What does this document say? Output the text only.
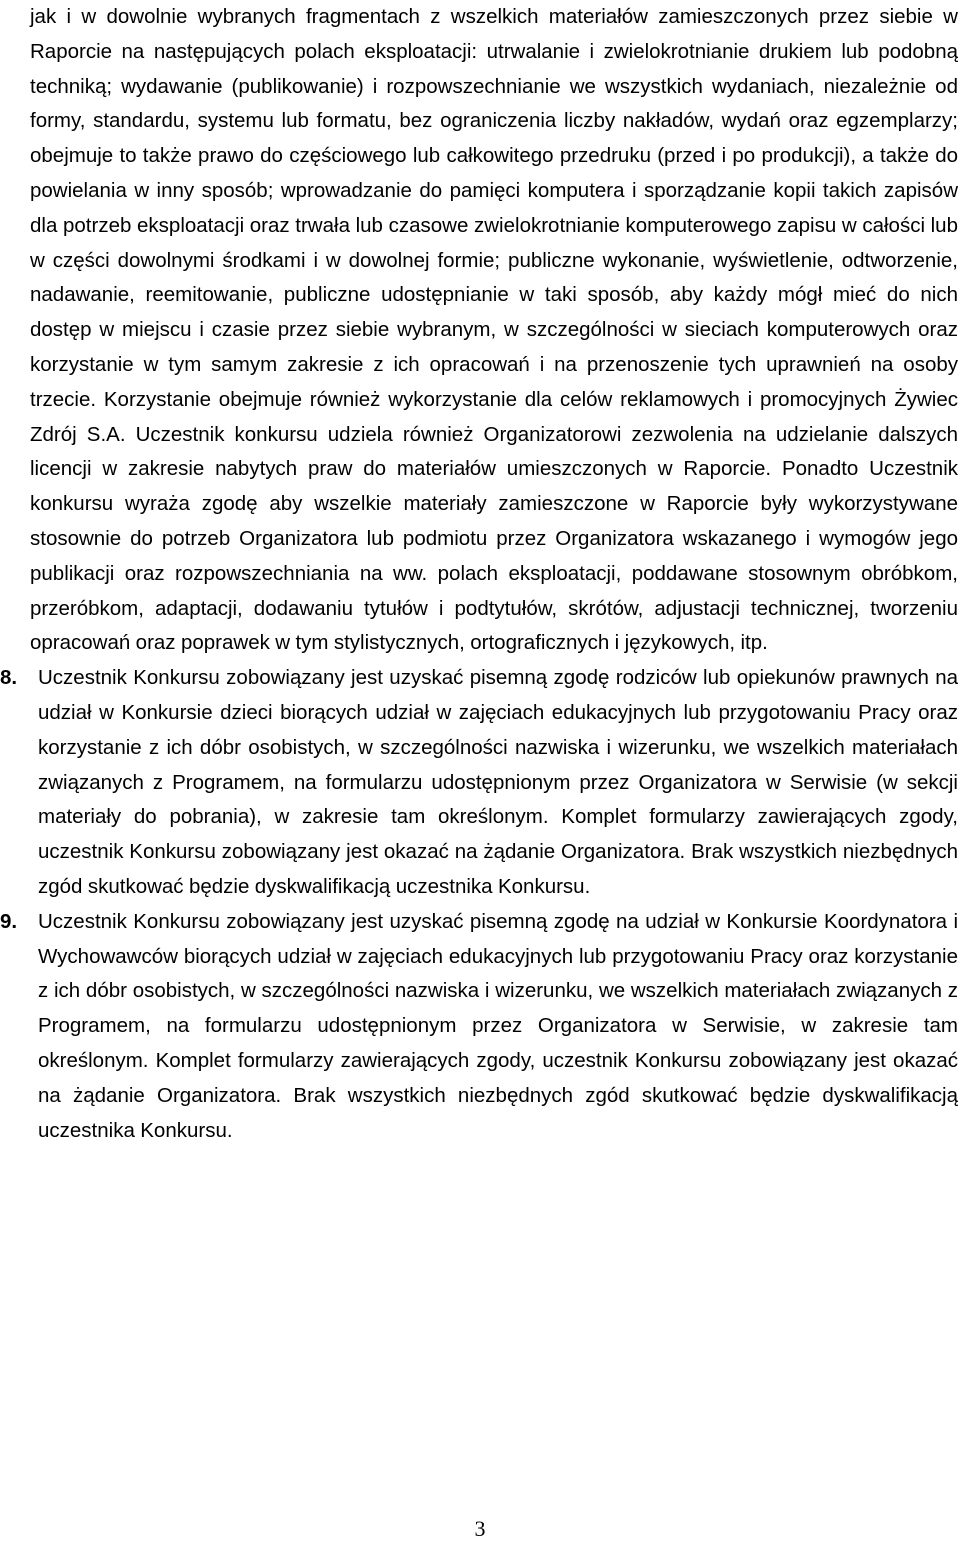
jak i w dowolnie wybranych fragmentach z wszelkich materiałów zamieszczonych przez siebie w Raporcie na następujących polach eksploatacji: utrwalanie i zwielokrotnianie drukiem lub podobną techniką; wydawanie (publikowanie) i rozpowszechnianie we wszystkich wydaniach, niezależnie od formy, standardu, systemu lub formatu, bez ograniczenia liczby nakładów, wydań oraz egzemplarzy; obejmuje to także prawo do częściowego lub całkowitego przedruku (przed i po produkcji), a także do powielania w inny sposób; wprowadzanie do pamięci komputera i sporządzanie kopii takich zapisów dla potrzeb eksploatacji oraz trwała lub czasowe zwielokrotnianie komputerowego zapisu w całości lub w części dowolnymi środkami i w dowolnej formie; publiczne wykonanie, wyświetlenie, odtworzenie, nadawanie, reemitowanie, publiczne udostępnianie w taki sposób, aby każdy mógł mieć do nich dostęp w miejscu i czasie przez siebie wybranym, w szczególności w sieciach komputerowych oraz korzystanie w tym samym zakresie z ich opracowań i na przenoszenie tych uprawnień na osoby trzecie. Korzystanie obejmuje również wykorzystanie dla celów reklamowych i promocyjnych Żywiec Zdrój S.A. Uczestnik konkursu udziela również Organizatorowi zezwolenia na udzielanie dalszych licencji w zakresie nabytych praw do materiałów umieszczonych w Raporcie. Ponadto Uczestnik konkursu wyraża zgodę aby wszelkie materiały zamieszczone w Raporcie były wykorzystywane stosownie do potrzeb Organizatora lub podmiotu przez Organizatora wskazanego i wymogów jego publikacji oraz rozpowszechniania na ww. polach eksploatacji, poddawane stosownym obróbkom, przeróbkom, adaptacji, dodawaniu tytułów i podtytułów, skrótów, adjustacji technicznej, tworzeniu opracowań oraz poprawek w tym stylistycznych, ortograficznych i językowych, itp.

8.	Uczestnik Konkursu zobowiązany jest uzyskać pisemną zgodę rodziców lub opiekunów prawnych na udział w Konkursie dzieci biorących udział w zajęciach edukacyjnych lub przygotowaniu Pracy oraz korzystanie z ich dóbr osobistych, w szczególności nazwiska i wizerunku, we wszelkich materiałach związanych z Programem, na formularzu udostępnionym przez Organizatora w Serwisie (w sekcji materiały do pobrania), w zakresie tam określonym. Komplet formularzy zawierających zgody, uczestnik Konkursu zobowiązany jest okazać na żądanie Organizatora. Brak wszystkich niezbędnych zgód skutkować będzie dyskwalifikacją uczestnika Konkursu.

9.	Uczestnik Konkursu zobowiązany jest uzyskać pisemną zgodę na udział w Konkursie Koordynatora i Wychowawców biorących udział w zajęciach edukacyjnych lub przygotowaniu Pracy oraz korzystanie z ich dóbr osobistych, w szczególności nazwiska i wizerunku, we wszelkich materiałach związanych z Programem, na formularzu udostępnionym przez Organizatora w Serwisie, w zakresie tam określonym. Komplet formularzy zawierających zgody, uczestnik Konkursu zobowiązany jest okazać na żądanie Organizatora. Brak wszystkich niezbędnych zgód skutkować będzie dyskwalifikacją uczestnika Konkursu.

3
